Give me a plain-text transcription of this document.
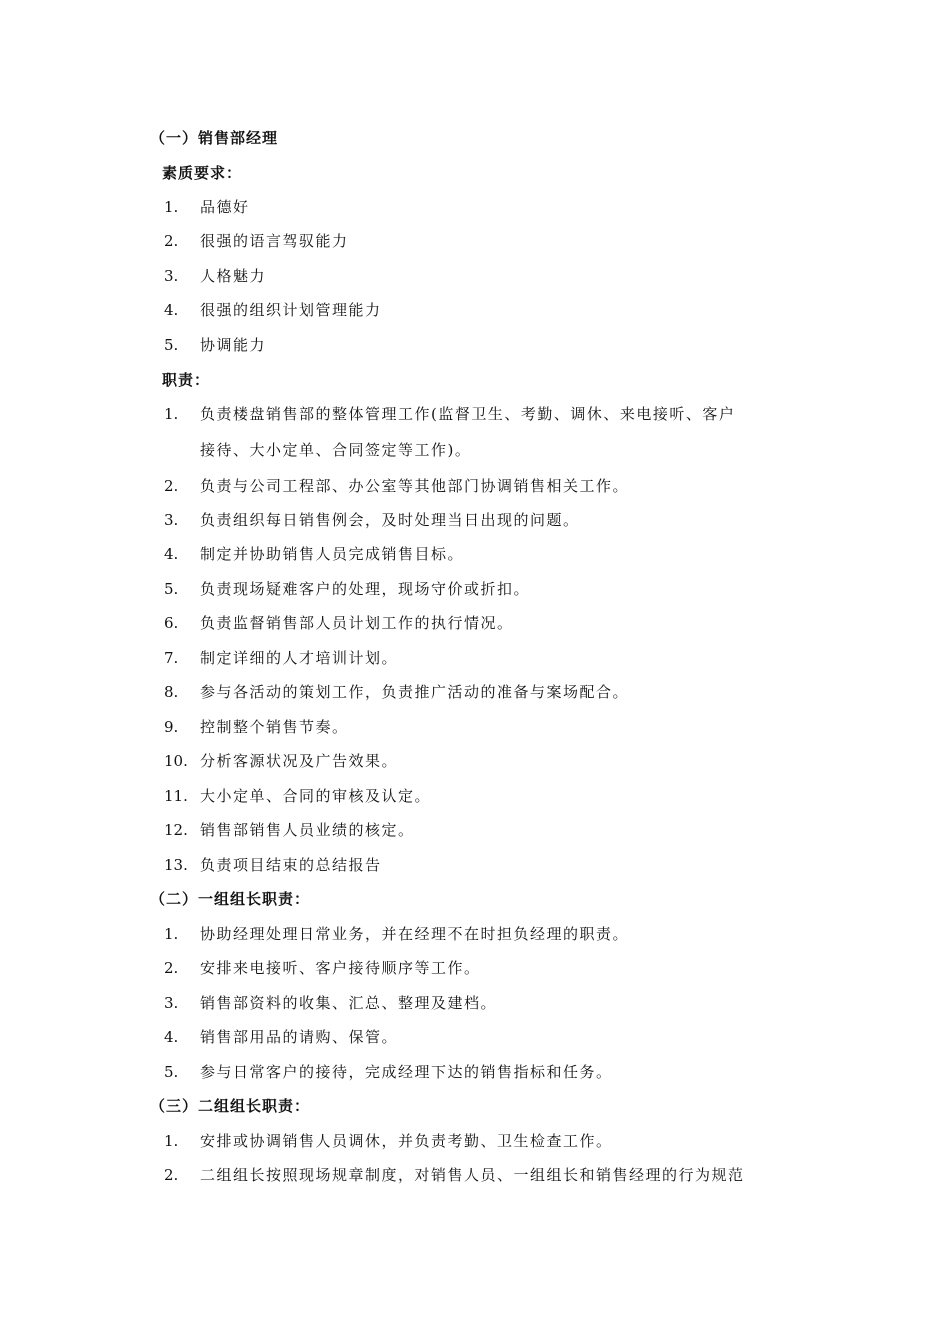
（一）销售部经理
素质要求：
1. 品德好
2. 很强的语言驾驭能力
3. 人格魅力
4. 很强的组织计划管理能力
5. 协调能力
职责：
1. 负责楼盘销售部的整体管理工作(监督卫生、考勤、调休、来电接听、客户
接待、大小定单、合同签定等工作)。
2. 负责与公司工程部、办公室等其他部门协调销售相关工作。
3. 负责组织每日销售例会，及时处理当日出现的问题。
4. 制定并协助销售人员完成销售目标。
5. 负责现场疑难客户的处理，现场守价或折扣。
6. 负责监督销售部人员计划工作的执行情况。
7. 制定详细的人才培训计划。
8. 参与各活动的策划工作，负责推广活动的准备与案场配合。
9. 控制整个销售节奏。
10. 分析客源状况及广告效果。
11. 大小定单、合同的审核及认定。
12. 销售部销售人员业绩的核定。
13. 负责项目结束的总结报告
（二）一组组长职责：
1. 协助经理处理日常业务，并在经理不在时担负经理的职责。
2. 安排来电接听、客户接待顺序等工作。
3. 销售部资料的收集、汇总、整理及建档。
4. 销售部用品的请购、保管。
5. 参与日常客户的接待，完成经理下达的销售指标和任务。
（三）二组组长职责：
1. 安排或协调销售人员调休，并负责考勤、卫生检查工作。
2. 二组组长按照现场规章制度，对销售人员、一组组长和销售经理的行为规范
